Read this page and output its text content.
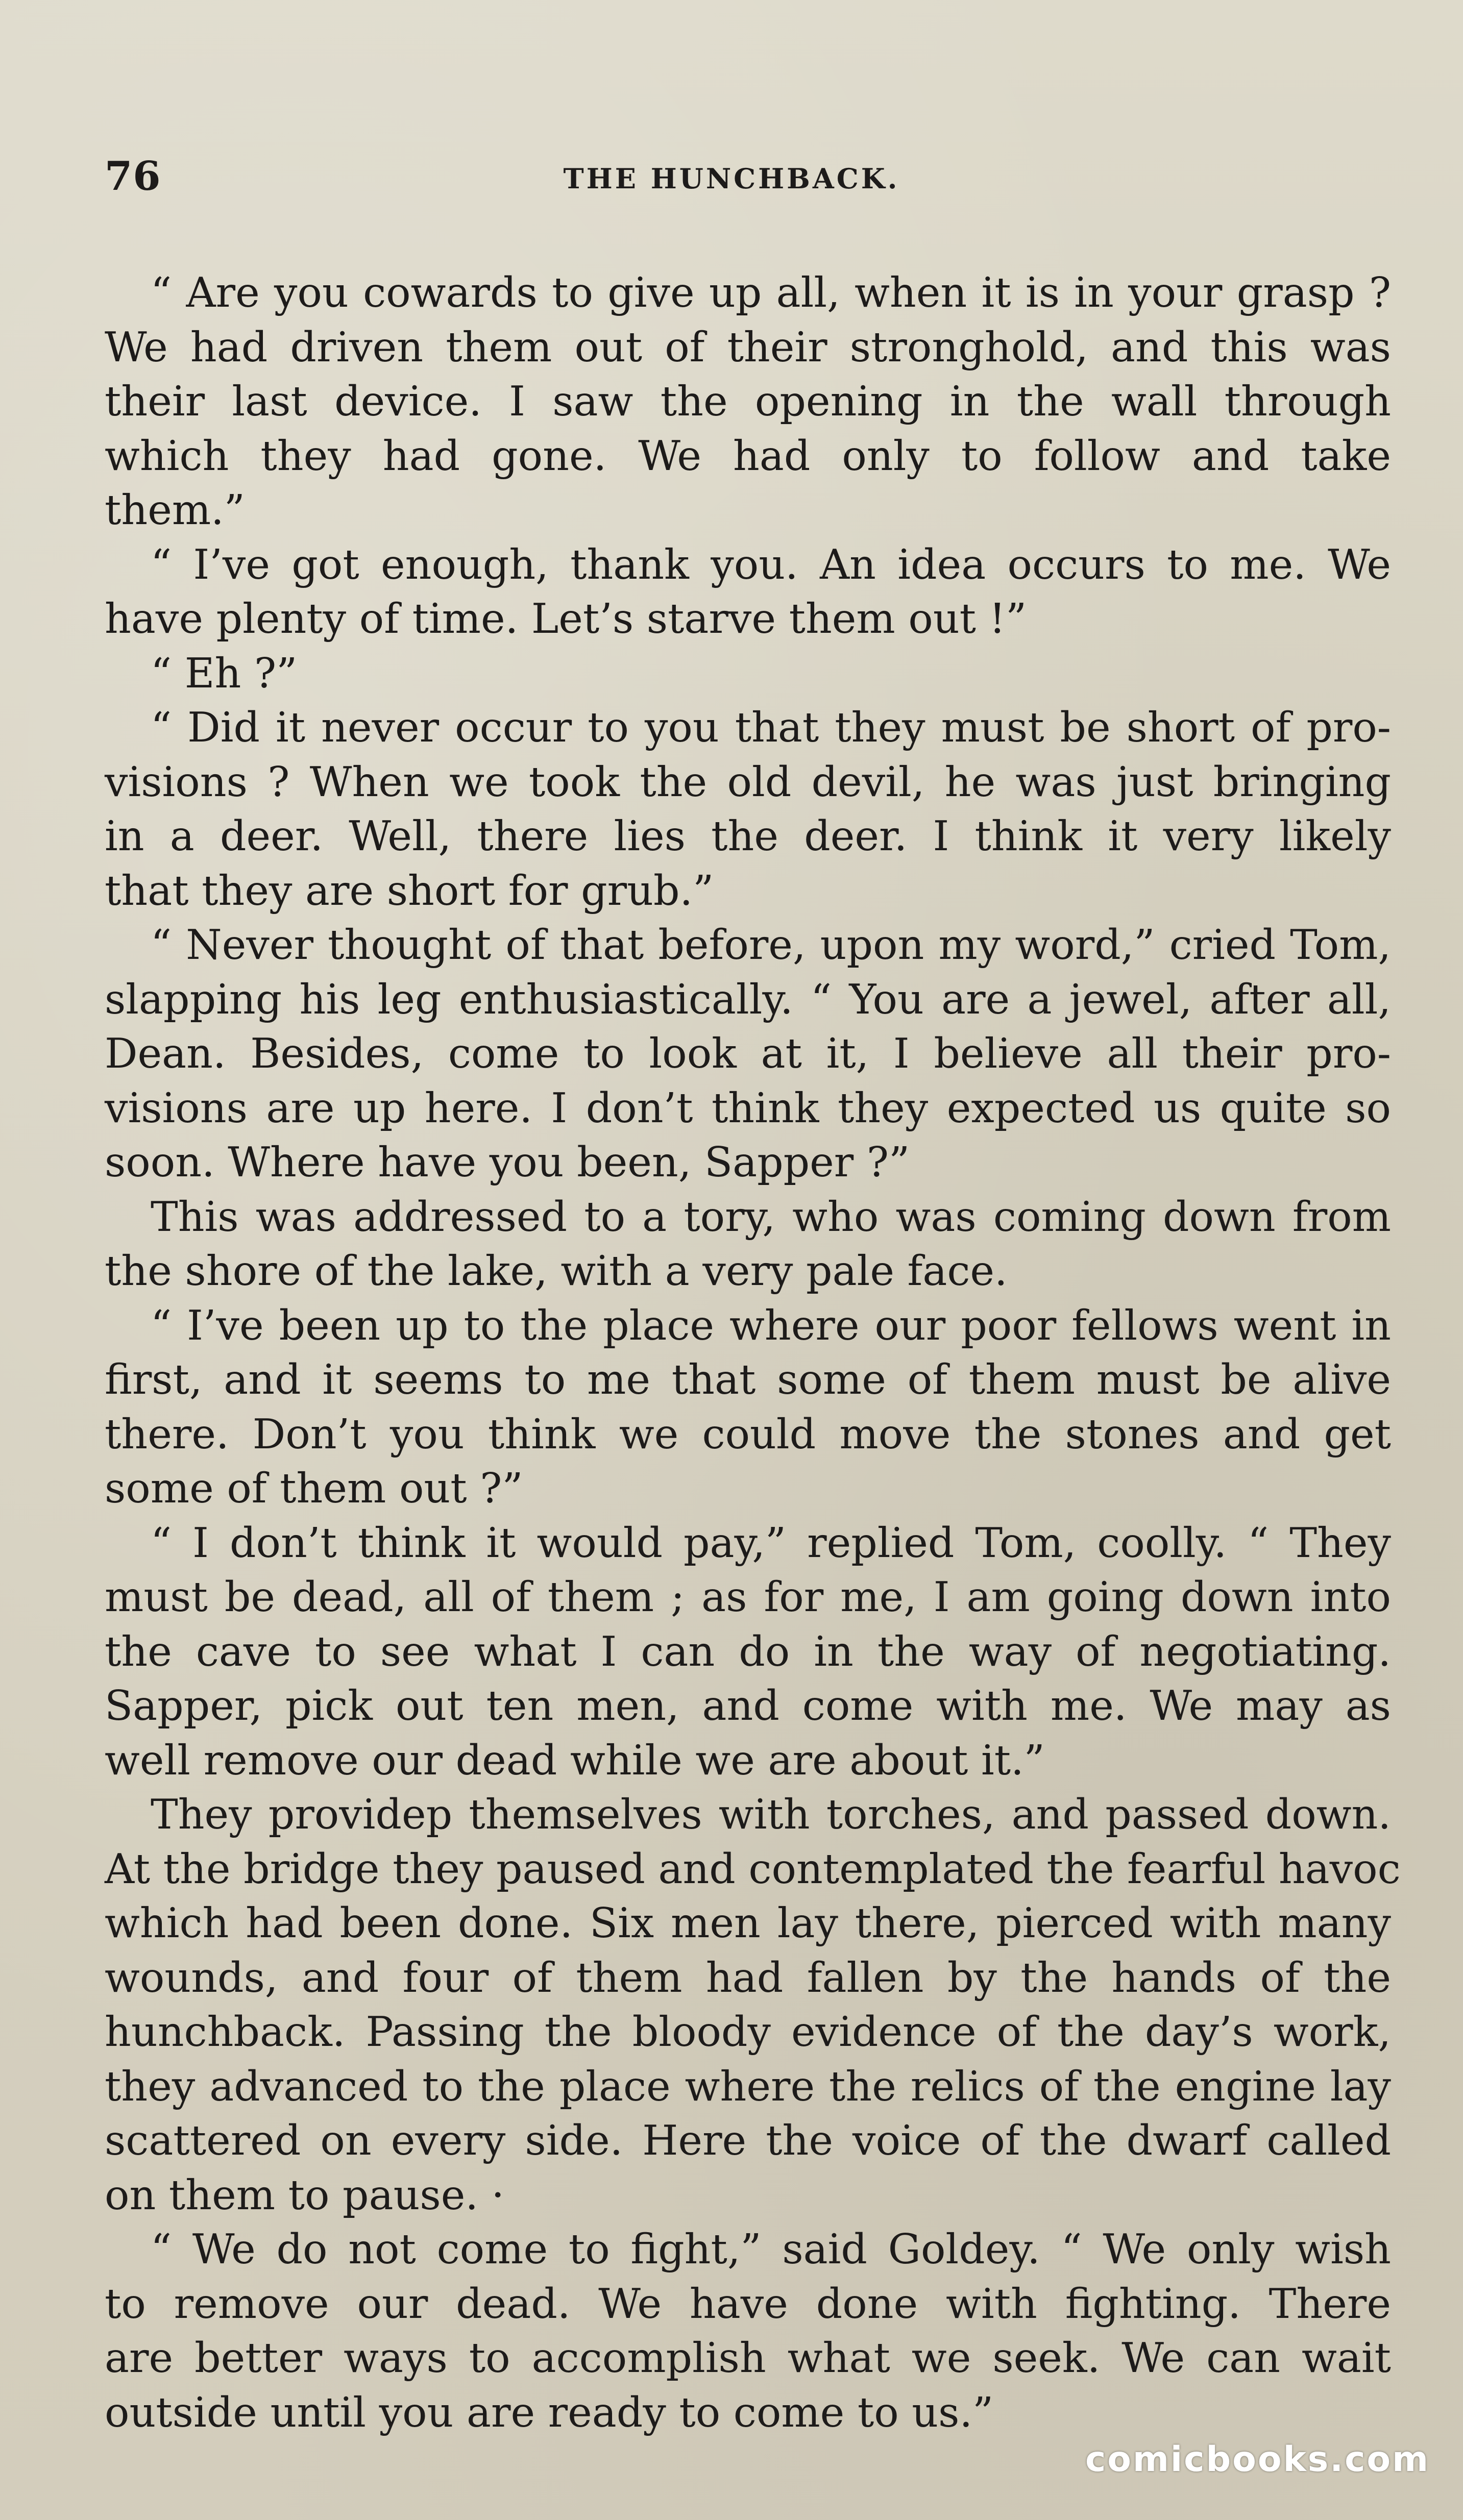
76	THE HUNCHBACK.
“ Are you cowards to give up all, when it is in your grasp ?
We had driven them out of their stronghold, and this was
their last device. I saw the opening in the wall through
which they had gone. We had only to follow and take
them.”
“ I’ve got enough, thank you. An idea occurs to me. We
have plenty of time. Let’s starve them out !”
“ Eh ?”
“ Did it never occur to you that they must be short of pro-
visions ? When we took the old devil, he was just bringing
in a deer. Well, there lies the deer. I think it very likely
that they are short for grub.”
“ Never thought of that before, upon my word,” cried Tom,
slapping his leg enthusiastically. “ You are a jewel, after all,
Dean. Besides, come to look at it, I believe all their pro-
visions are up here. I don’t think they expected us quite so
soon. Where have you been, Sapper ?”
This was addressed to a tory, who was coming down from
the shore of the lake, with a very pale face.
“ I’ve been up to the place where our poor fellows went in
first, and it seems to me that some of them must be alive
there. Don’t you think we could move the stones and get
some of them out ?”
“ I don’t think it would pay,” replied Tom, coolly. “ They
must be dead, all of them ; as for me, I am going down into
the cave to see what I can do in the way of negotiating.
Sapper, pick out ten men, and come with me. We may as
well remove our dead while we are about it.”
They providep themselves with torches, and passed down.
At the bridge they paused and contemplated the fearful havoc
which had been done. Six men lay there, pierced with many
wounds, and four of them had fallen by the hands of the
hunchback. Passing the bloody evidence of the day’s work,
they advanced to the place where the relics of the engine lay
scattered on every side. Here the voice of the dwarf called
on them to pause. ·
“ We do not come to fight,” said Goldey. “ We only wish
to remove our dead. We have done with fighting. There
are better ways to accomplish what we seek. We can wait
outside until you are ready to come to us.”
comicbooks.com
